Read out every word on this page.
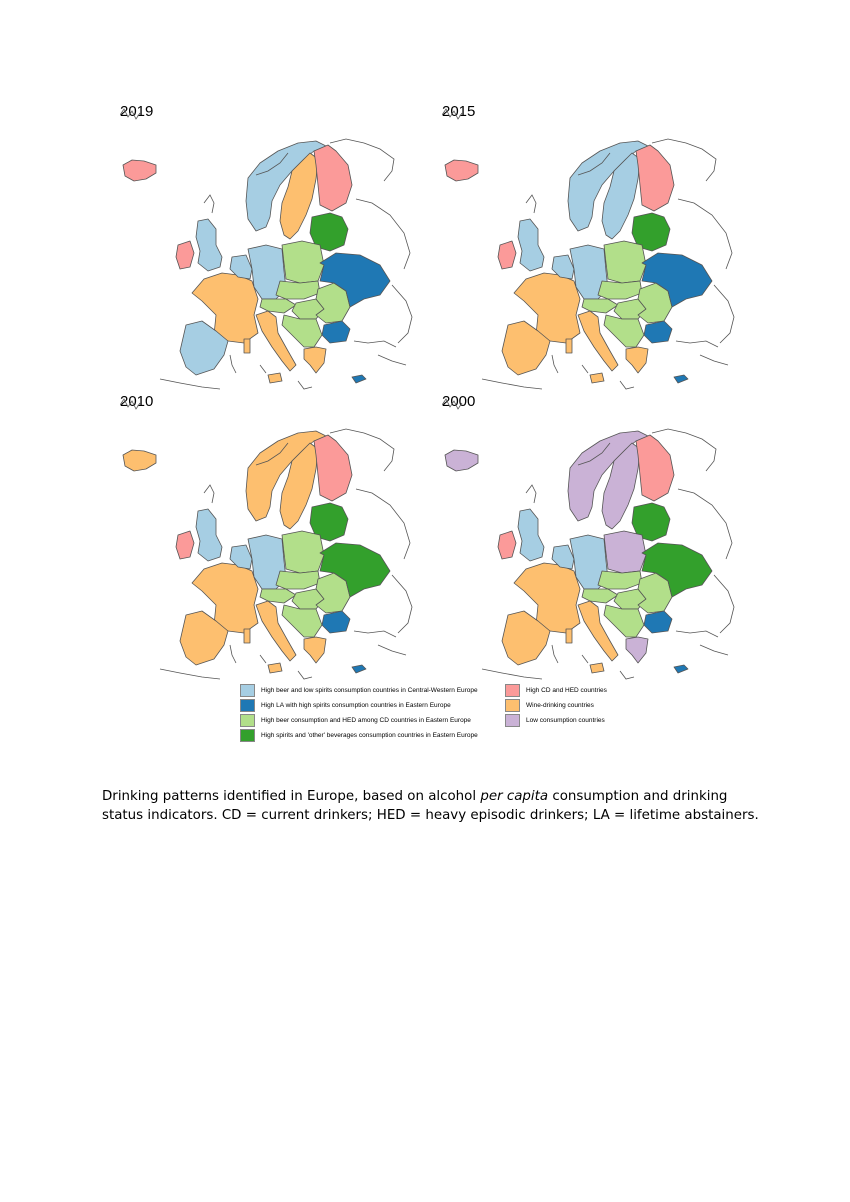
2019	2015
2010	2000
High beer and low spirits consumption countries in Central-Western Europe
High LA with high spirits consumption countries in Eastern Europe
High beer consumption and HED among CD countries in Eastern Europe
High spirits and 'other' beverages consumption countries in Eastern Europe
High CD and HED countries
Wine-drinking countries
Low consumption countries
Drinking patterns identified in Europe, based on alcohol per capita consumption and drinking status indicators. CD = current drinkers; HED = heavy episodic drinkers; LA = lifetime abstainers.
